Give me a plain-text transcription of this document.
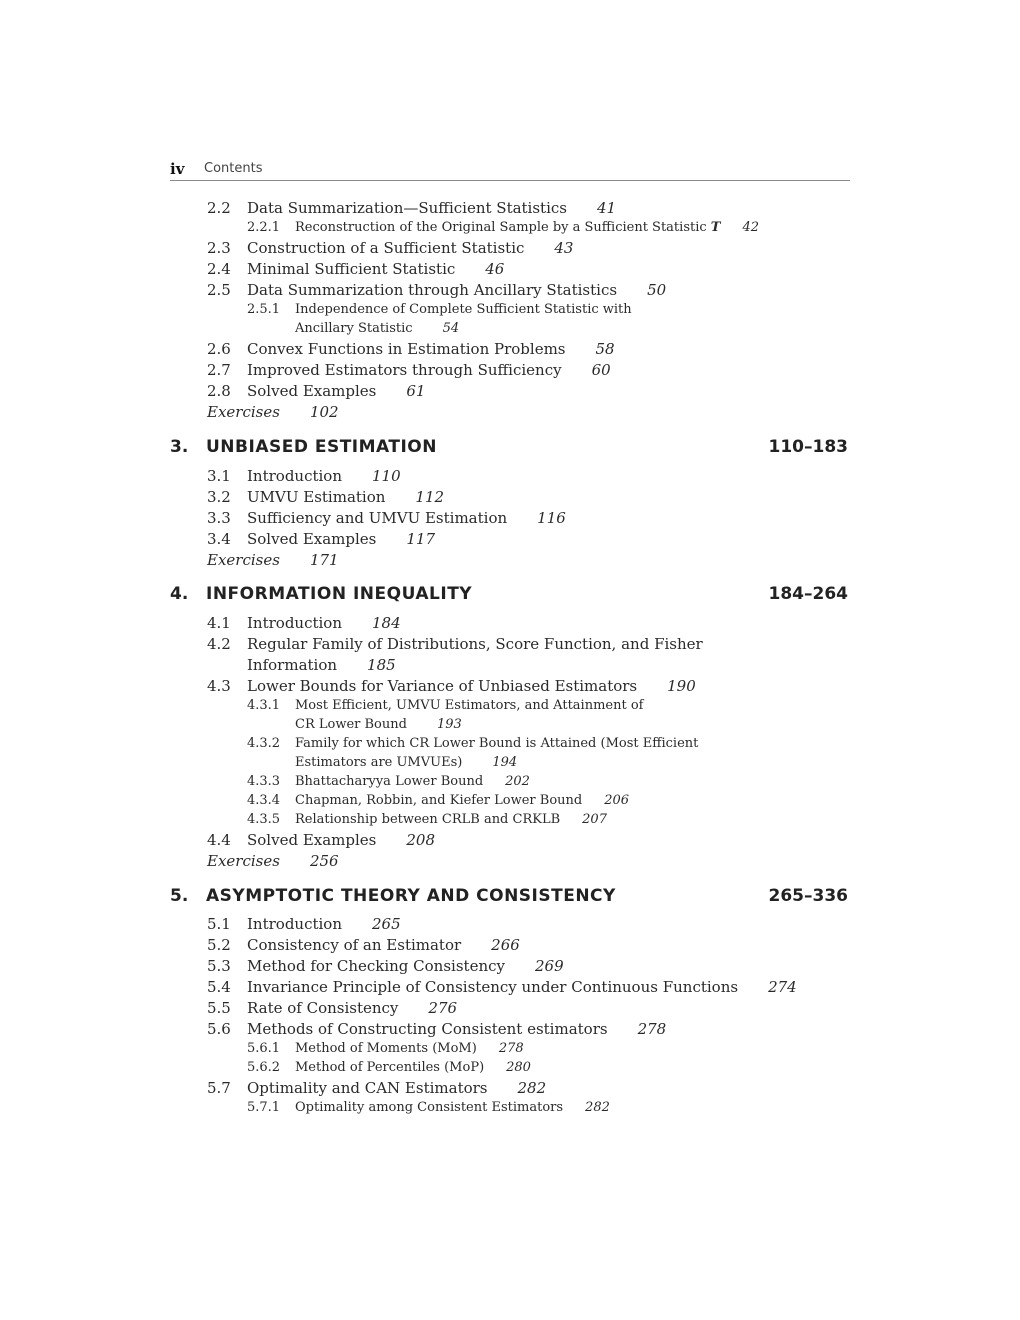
iv Contents
2.2 Data Summarization—Sufficient Statistics 41
2.2.1 Reconstruction of the Original Sample by a Sufficient Statistic T 42
2.3 Construction of a Sufficient Statistic 43
2.4 Minimal Sufficient Statistic 46
2.5 Data Summarization through Ancillary Statistics 50
2.5.1 Independence of Complete Sufficient Statistic with
Ancillary Statistic 54
2.6 Convex Functions in Estimation Problems 58
2.7 Improved Estimators through Sufficiency 60
2.8 Solved Examples 61
Exercises 102
3. UNBIASED ESTIMATION	110–183
3.1 Introduction 110
3.2 UMVU Estimation 112
3.3 Sufficiency and UMVU Estimation 116
3.4 Solved Examples 117
Exercises 171
4. INFORMATION INEQUALITY	184–264
4.1 Introduction 184
4.2 Regular Family of Distributions, Score Function, and Fisher
Information 185
4.3 Lower Bounds for Variance of Unbiased Estimators 190
4.3.1 Most Efficient, UMVU Estimators, and Attainment of
CR Lower Bound 193
4.3.2 Family for which CR Lower Bound is Attained (Most Efficient
Estimators are UMVUEs) 194
4.3.3 Bhattacharyya Lower Bound 202
4.3.4 Chapman, Robbin, and Kiefer Lower Bound 206
4.3.5 Relationship between CRLB and CRKLB 207
4.4 Solved Examples 208
Exercises 256
5. ASYMPTOTIC THEORY AND CONSISTENCY	265–336
5.1 Introduction 265
5.2 Consistency of an Estimator 266
5.3 Method for Checking Consistency 269
5.4 Invariance Principle of Consistency under Continuous Functions 274
5.5 Rate of Consistency 276
5.6 Methods of Constructing Consistent estimators 278
5.6.1 Method of Moments (MoM) 278
5.6.2 Method of Percentiles (MoP) 280
5.7 Optimality and CAN Estimators 282
5.7.1 Optimality among Consistent Estimators 282
